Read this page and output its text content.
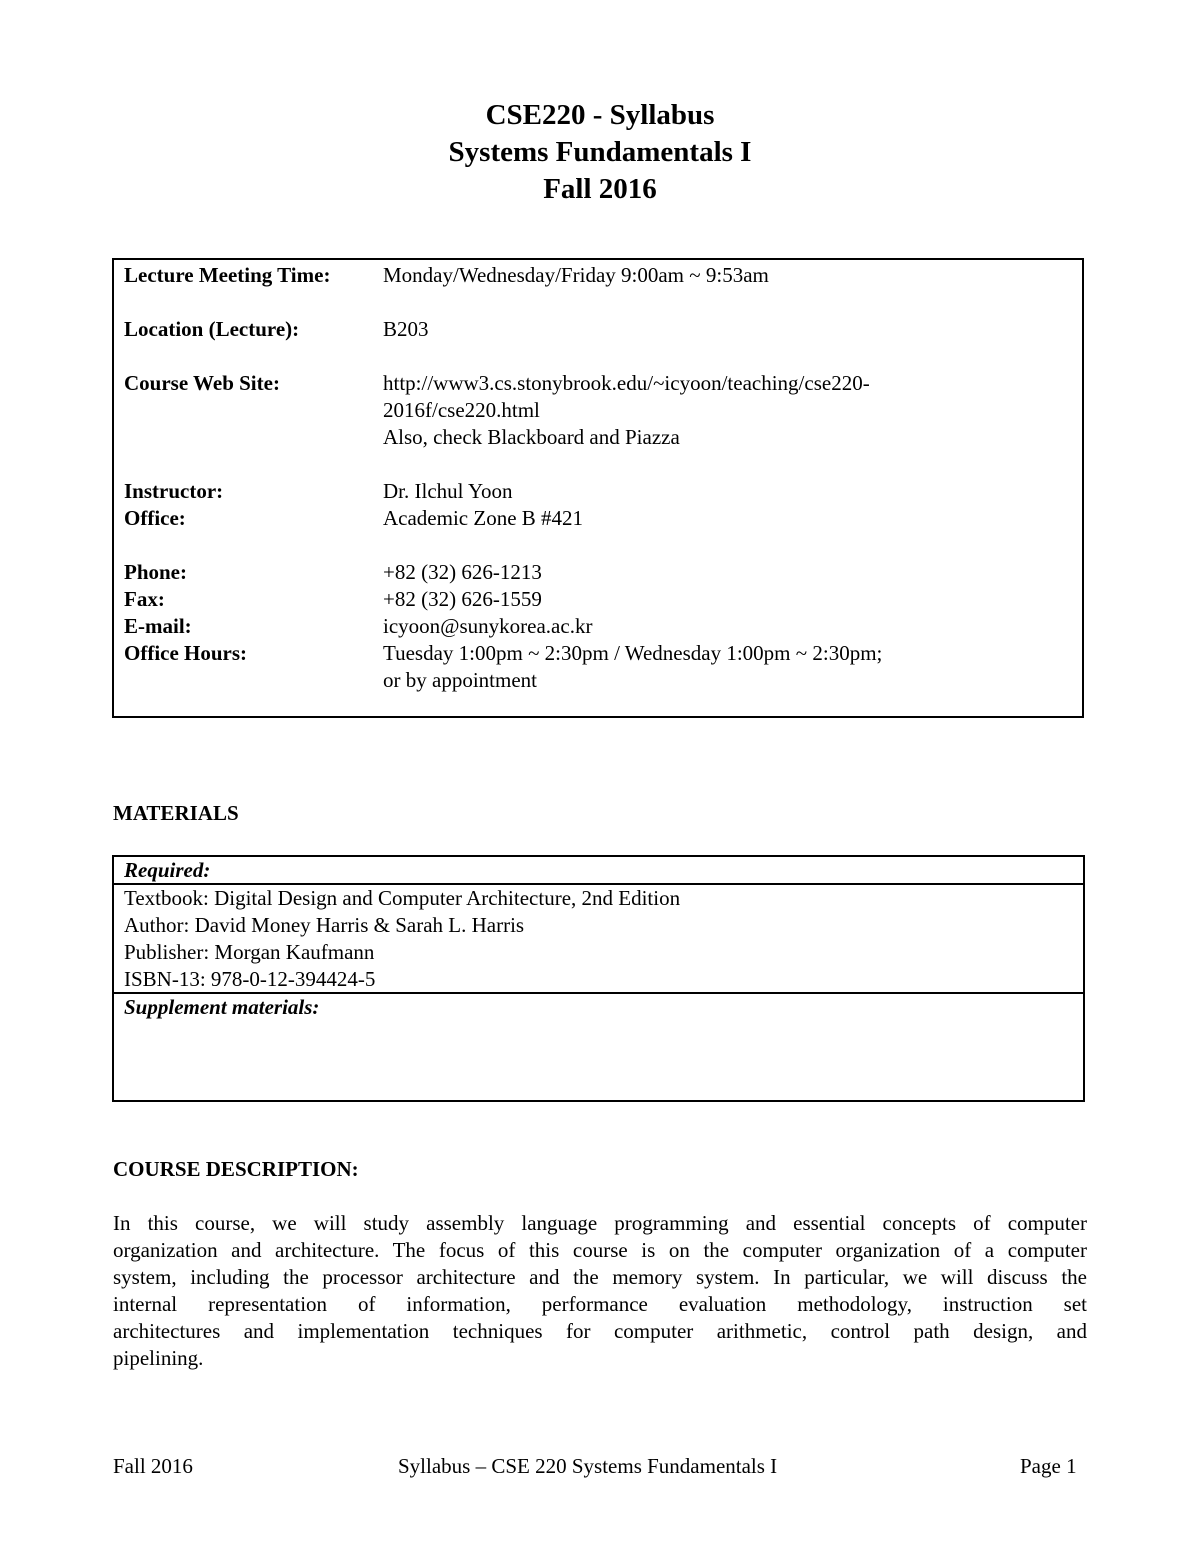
CSE220 - Syllabus
Systems Fundamentals I
Fall 2016
Lecture Meeting Time:	Monday/Wednesday/Friday 9:00am ~ 9:53am
Location (Lecture):	B203
Course Web Site:	http://www3.cs.stonybrook.edu/~icyoon/teaching/cse220-
2016f/cse220.html
Also, check Blackboard and Piazza
Instructor:	Dr. Ilchul Yoon
Office:	Academic Zone B #421
Phone:	+82 (32) 626-1213
Fax:	+82 (32) 626-1559
E-mail:	icyoon@sunykorea.ac.kr
Office Hours:	Tuesday 1:00pm ~ 2:30pm / Wednesday 1:00pm ~ 2:30pm;
or by appointment
MATERIALS
Required:
Textbook: Digital Design and Computer Architecture, 2nd Edition
Author: David Money Harris & Sarah L. Harris
Publisher: Morgan Kaufmann
ISBN-13: 978-0-12-394424-5
Supplement materials:
COURSE DESCRIPTION:
In this course, we will study assembly language programming and essential concepts of computer
organization and architecture. The focus of this course is on the computer organization of a computer
system, including the processor architecture and the memory system. In particular, we will discuss the
internal representation of information, performance evaluation methodology, instruction set
architectures and implementation techniques for computer arithmetic, control path design, and
pipelining.
Fall 2016	Syllabus – CSE 220 Systems Fundamentals I	Page 1
